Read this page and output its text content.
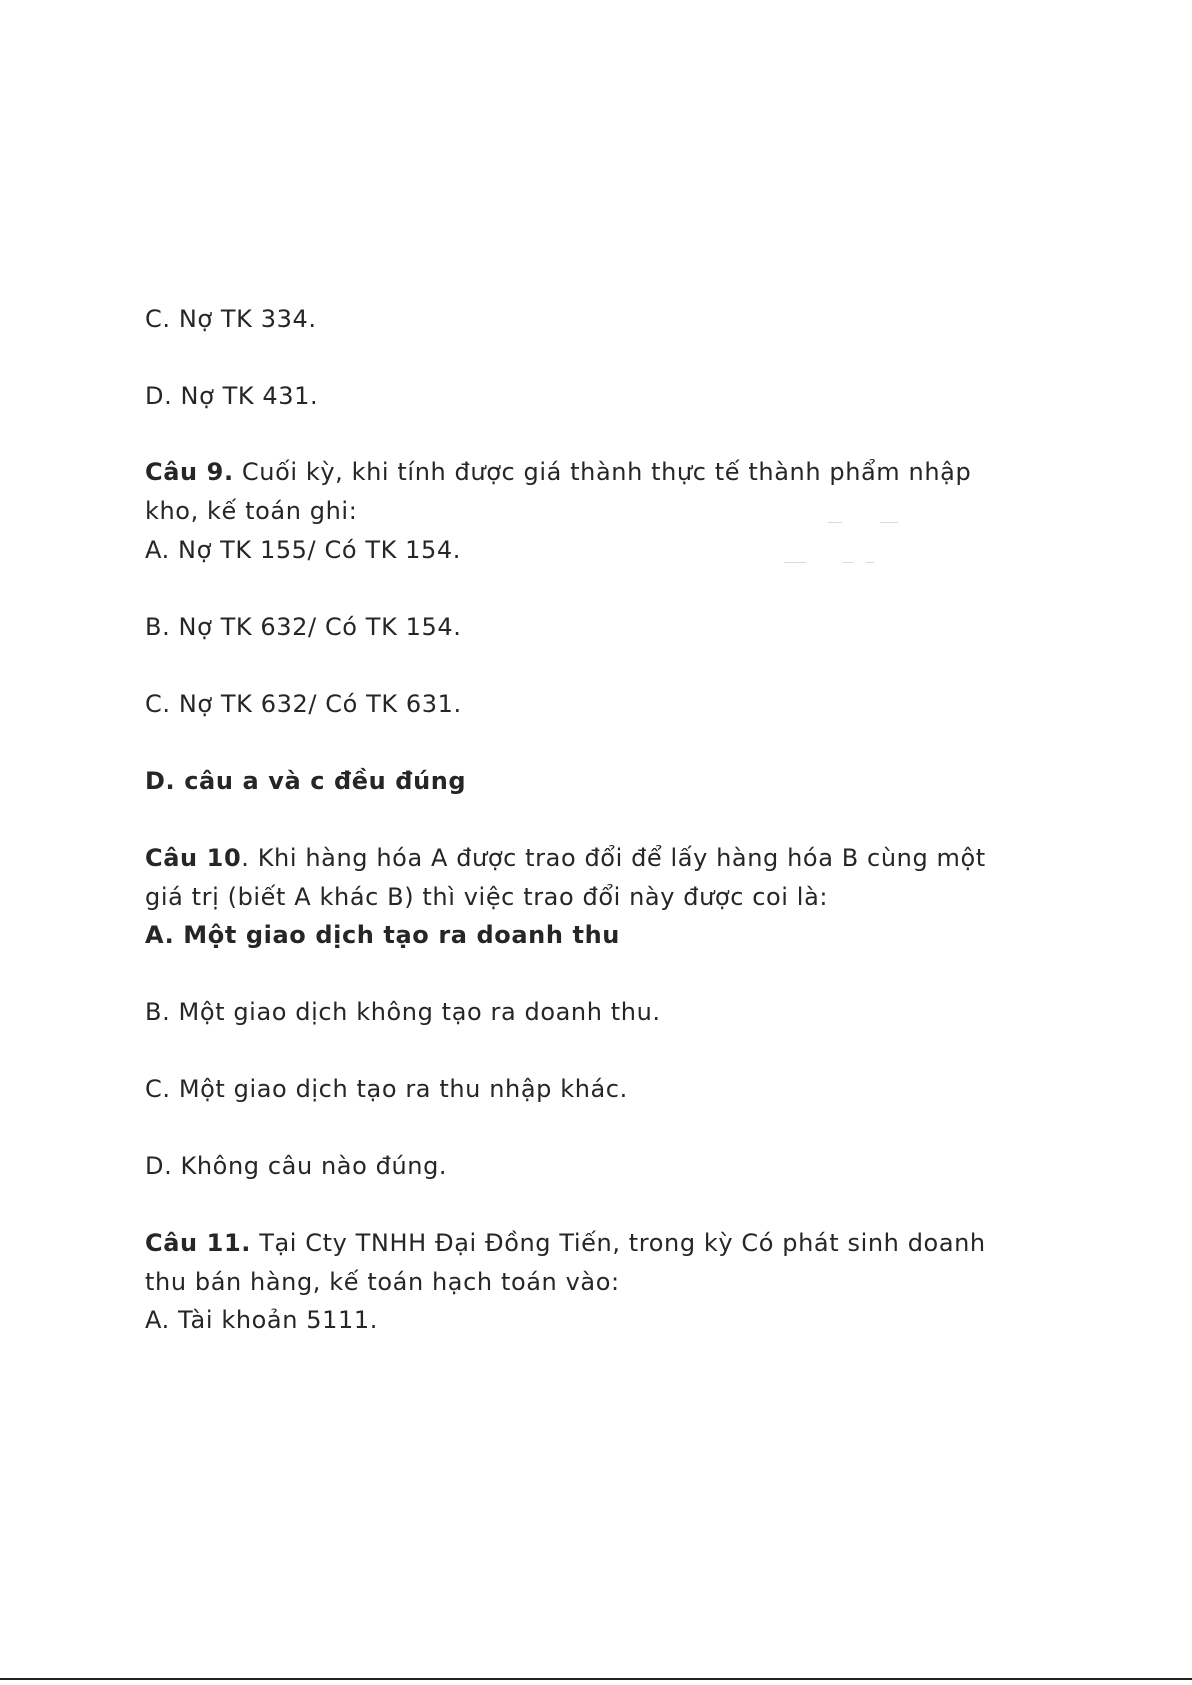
C. Nợ TK 334.
D. Nợ TK 431.
Câu 9. Cuối kỳ, khi tính được giá thành thực tế thành phẩm nhập
kho, kế toán ghi:
A. Nợ TK 155/ Có TK 154.
B. Nợ TK 632/ Có TK 154.
C. Nợ TK 632/ Có TK 631.
D. câu a và c đều đúng
Câu 10. Khi hàng hóa A được trao đổi để lấy hàng hóa B cùng một
giá trị (biết A khác B) thì việc trao đổi này được coi là:
A. Một giao dịch tạo ra doanh thu
B. Một giao dịch không tạo ra doanh thu.
C. Một giao dịch tạo ra thu nhập khác.
D. Không câu nào đúng.
Câu 11. Tại Cty TNHH Đại Đồng Tiến, trong kỳ Có phát sinh doanh
thu bán hàng, kế toán hạch toán vào:
A. Tài khoản 5111.
